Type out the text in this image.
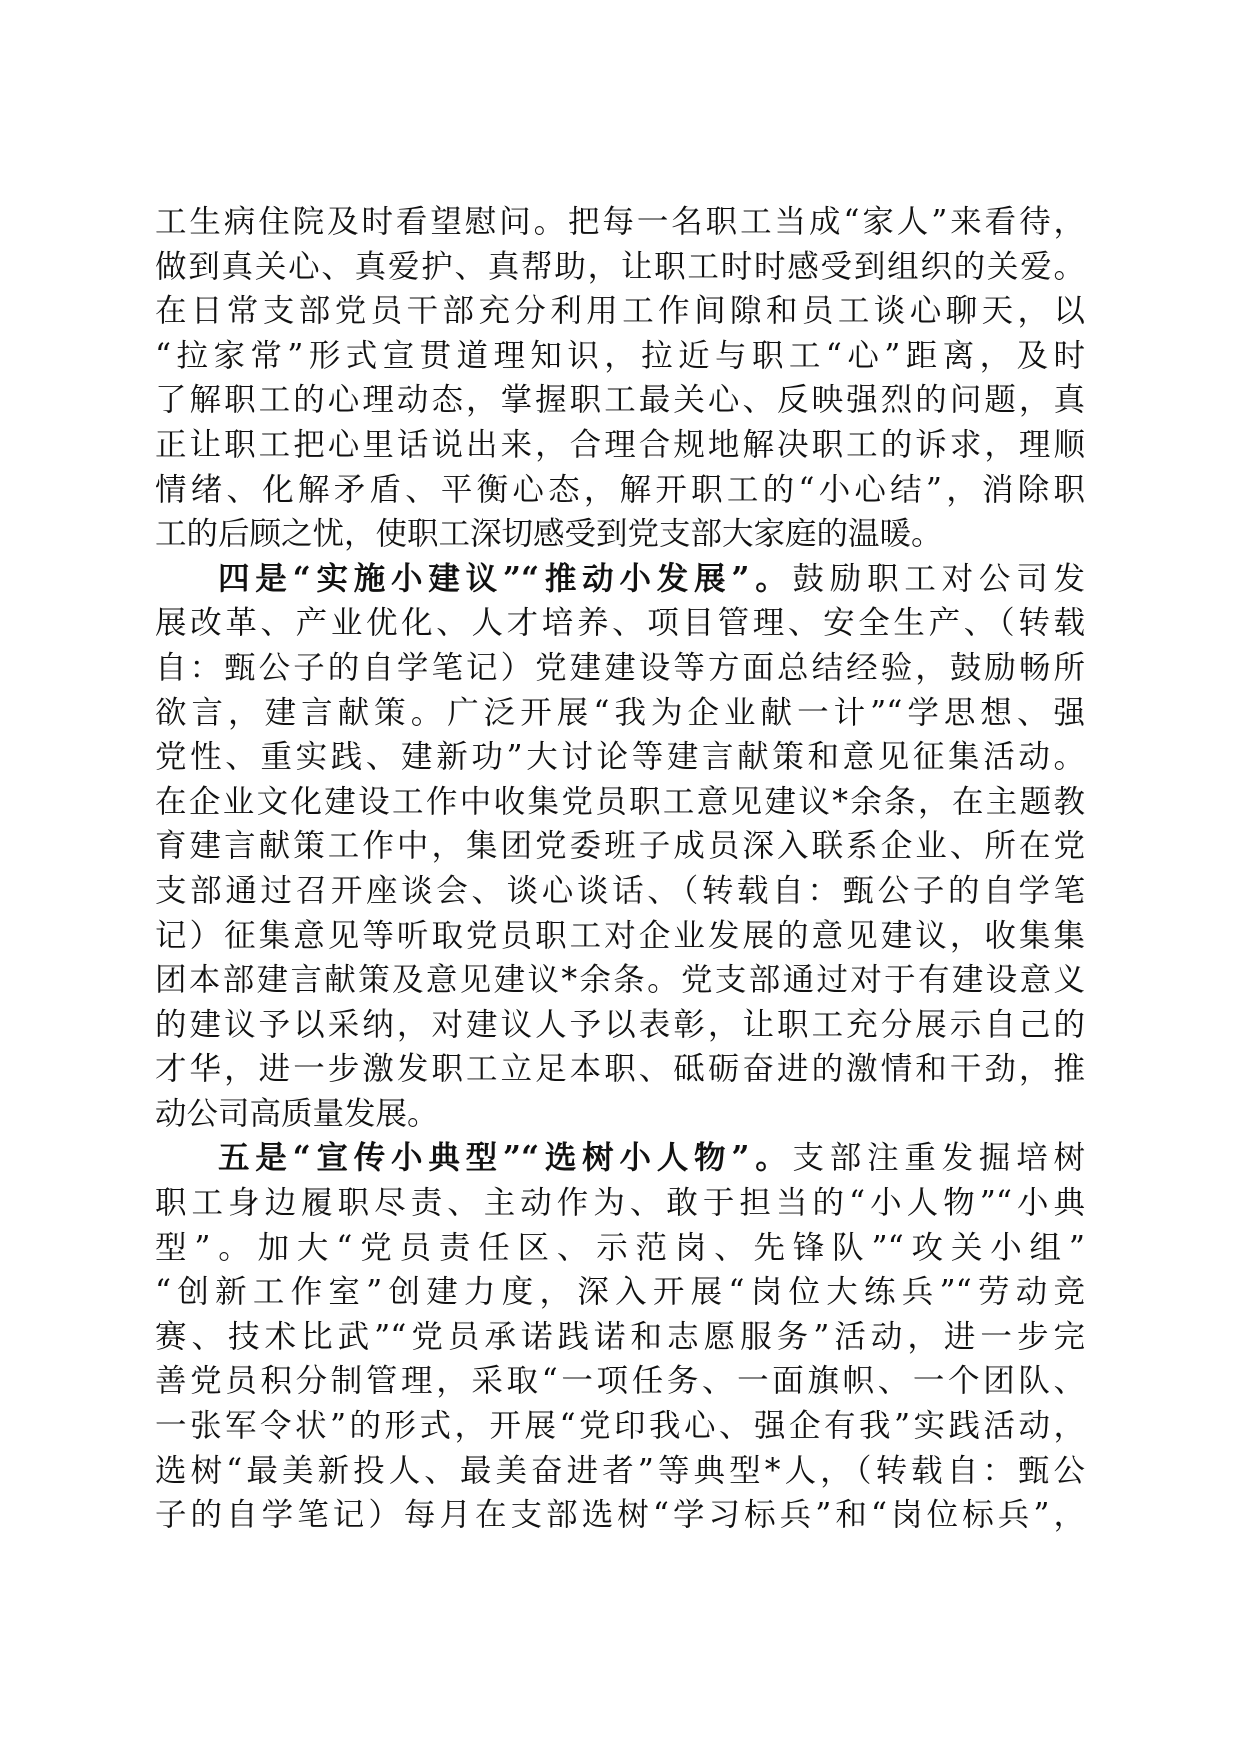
工生病住院及时看望慰问。把每一名职工当成“家人”来看待，
做到真关心、真爱护、真帮助，让职工时时感受到组织的关爱。
在日常支部党员干部充分利用工作间隙和员工谈心聊天，以
“拉家常”形式宣贯道理知识，拉近与职工“心”距离，及时
了解职工的心理动态，掌握职工最关心、反映强烈的问题，真
正让职工把心里话说出来，合理合规地解决职工的诉求，理顺
情绪、化解矛盾、平衡心态，解开职工的“小心结”，消除职
工的后顾之忧，使职工深切感受到党支部大家庭的温暖。
四是“实施小建议”“推动小发展”。鼓励职工对公司发
展改革、产业优化、人才培养、项目管理、安全生产、（转载
自：甄公子的自学笔记）党建建设等方面总结经验，鼓励畅所
欲言，建言献策。广泛开展“我为企业献一计”“学思想、强
党性、重实践、建新功”大讨论等建言献策和意见征集活动。
在企业文化建设工作中收集党员职工意见建议*余条，在主题教
育建言献策工作中，集团党委班子成员深入联系企业、所在党
支部通过召开座谈会、谈心谈话、（转载自：甄公子的自学笔
记）征集意见等听取党员职工对企业发展的意见建议，收集集
团本部建言献策及意见建议*余条。党支部通过对于有建设意义
的建议予以采纳，对建议人予以表彰，让职工充分展示自己的
才华，进一步激发职工立足本职、砥砺奋进的激情和干劲，推
动公司高质量发展。
五是“宣传小典型”“选树小人物”。支部注重发掘培树
职工身边履职尽责、主动作为、敢于担当的“小人物”“小典
型”。加大“党员责任区、示范岗、先锋队”“攻关小组”
“创新工作室”创建力度，深入开展“岗位大练兵”“劳动竞
赛、技术比武”“党员承诺践诺和志愿服务”活动，进一步完
善党员积分制管理，采取“一项任务、一面旗帜、一个团队、
一张军令状”的形式，开展“党印我心、强企有我”实践活动，
选树“最美新投人、最美奋进者”等典型*人，（转载自：甄公
子的自学笔记）每月在支部选树“学习标兵”和“岗位标兵”，
